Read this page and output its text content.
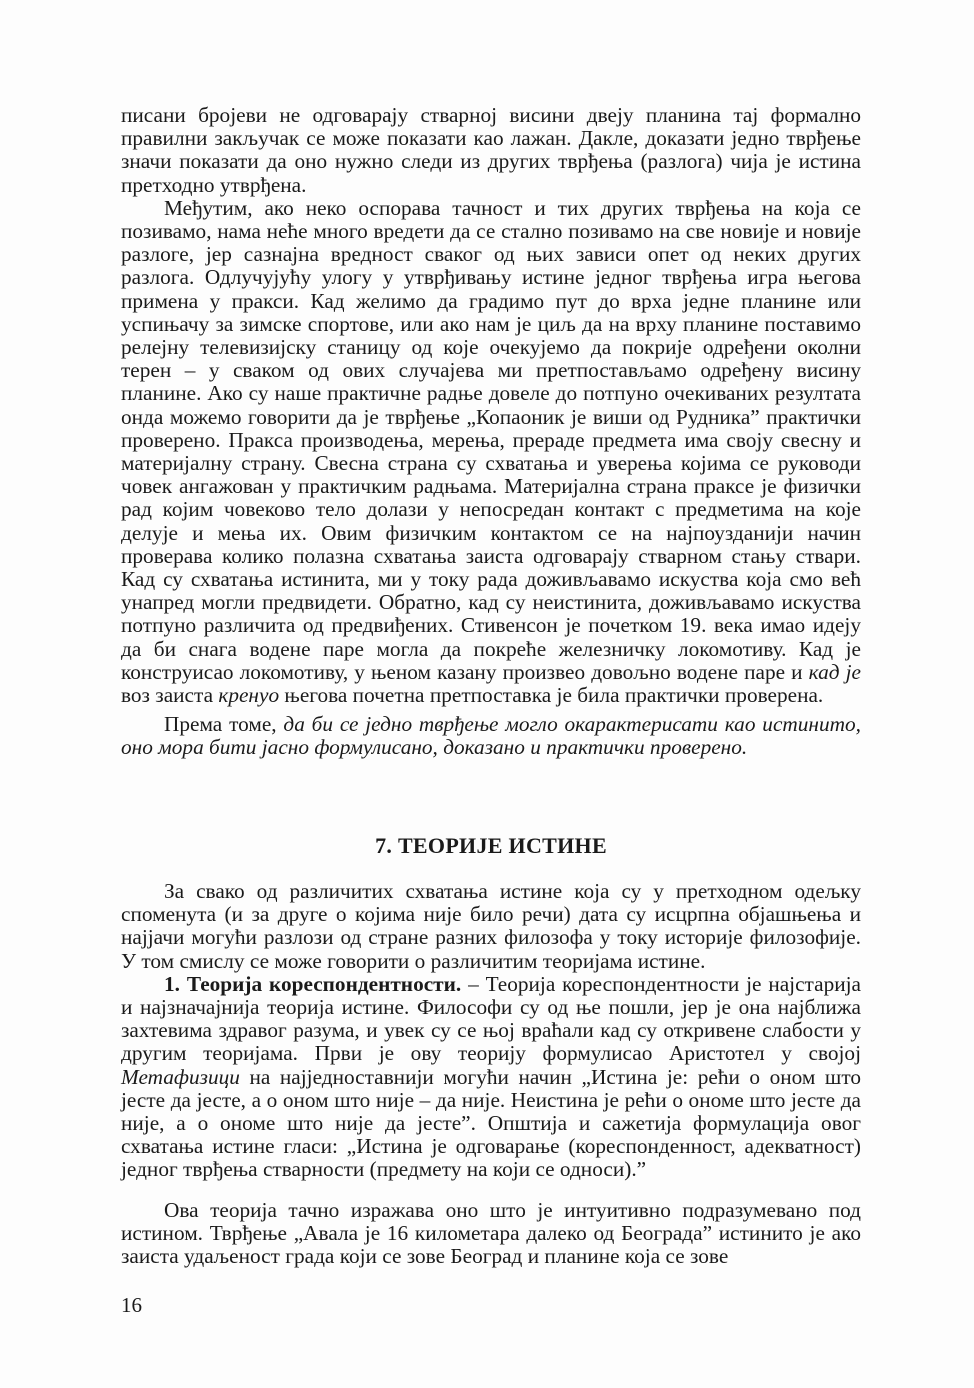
писани бројеви не одговарају стварној висини двеју планина тај формално правилни закључак се може показати као лажан. Дакле, доказати једно тврђење значи показати да оно нужно следи из других тврђења (разлога) чија је истина претходно утврђена.

Међутим, ако неко оспорава тачност и тих других тврђења на која се позивамо, нама неће много вредети да се стално позивамо на све новије и новије разлоге, јер сазнајна вредност сваког од њих зависи опет од неких других разлога. Одлучујућу улогу у утврђивању истине једног тврђења игра његова примена у пракси. Кад желимо да градимо пут до врха једне планине или успињачу за зимске спортове, или ако нам је циљ да на врху планине поставимо релејну телевизијску станицу од које очекујемо да покрије одређени околни терен – у сваком од ових случајева ми претпостављамо одређену висину планине. Ако су наше практичне радње довеле до потпуно очекиваних резултата онда можемо говорити да је тврђење „Копаоник је виши од Рудника” практички проверено. Пракса производења, мерења, прераде предмета има своју свесну и материјалну страну. Свесна страна су схватања и уверења којима се руководи човек ангажован у практичким радњама. Материјална страна праксе је физички рад којим човеково тело долази у непосредан контакт с предметима на које делује и мења их. Овим физичким контактом се на најпоузданији начин проверава колико полазна схватања заиста одговарају стварном стању ствари. Кад су схватања истинита, ми у току рада доживљавамо искуства која смо већ унапред могли предвидети. Обратно, кад су неистинита, доживљавамо искуства потпуно различита од предвиђених. Стивенсон је почетком 19. века имао идеју да би снага водене паре могла да покреће железничку локомотиву. Кад је конструисао локомотиву, у њеном казану произвео довољно водене паре и кад је воз заиста кренуо његова почетна претпоставка је била практички проверена.

Према томе, да би се једно тврђење могло окарактерисати као истинито, оно мора бити јасно формулисано, доказано и практички проверено.

7. ТЕОРИЈЕ ИСТИНЕ

За свако од различитих схватања истине која су у претходном одељку споменута (и за друге о којима није било речи) дата су исцрпна објашњења и најјачи могући разлози од стране разних филозофа у току историје филозофије. У том смислу се може говорити о различитим теоријама истине.

1. Теорија кореспондентности. – Теорија кореспондентности је најстарија и најзначајнија теорија истине. Философи су од ње пошли, јер је она најближа захтевима здравог разума, и увек су се њој враћали кад су откривене слабости у другим теоријама. Први је ову теорију формулисао Аристотел у својој Метафизици на најједноставнији могући начин „Истина је: рећи о оном што јесте да јесте, а о оном што није – да није. Неистина је рећи о ономе што јесте да није, а о ономе што није да јесте”. Општија и сажетија формулација овог схватања истине гласи: „Истина је одговарање (кореспонденност, адекватност) једног тврђења стварности (предмету на који се односи).”

Ова теорија тачно изражава оно што је интуитивно подразумевано под истином. Тврђење „Авала је 16 километара далеко од Београда” истинито је ако заиста удаљеност града који се зове Београд и планине која се зове

16
